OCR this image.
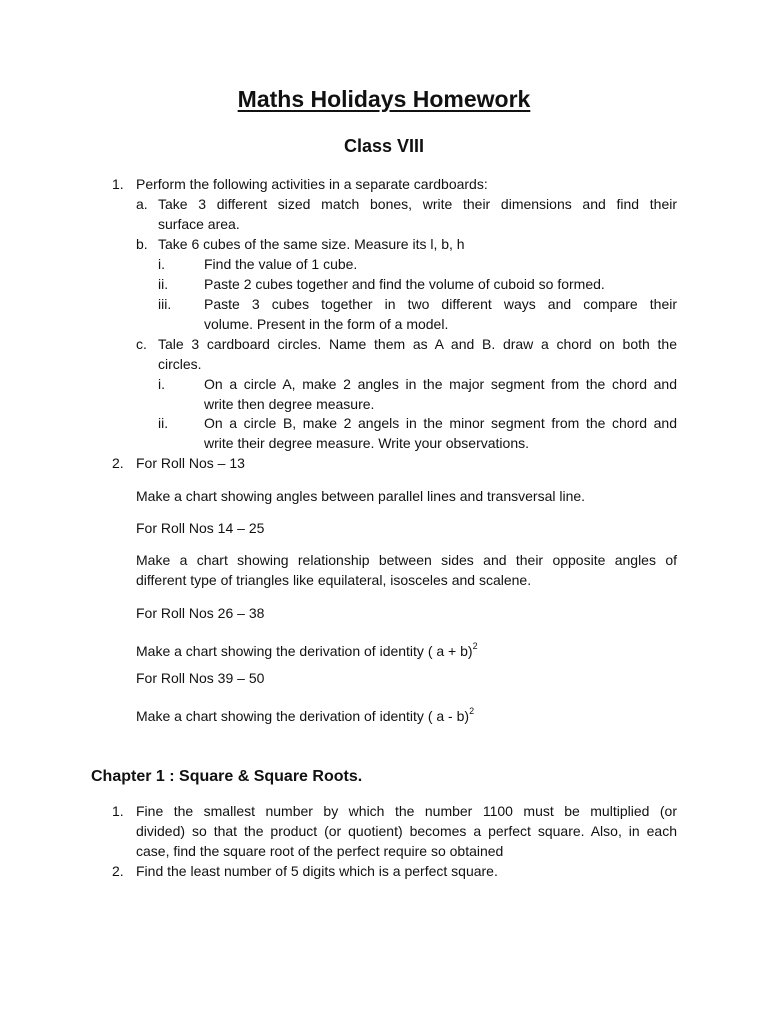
Maths Holidays Homework
Class VIII
1. Perform the following activities in a separate cardboards:
a. Take 3 different sized match bones, write their dimensions and find their
surface area.
b. Take 6 cubes of the same size. Measure its l, b, h
i.	Find the value of 1 cube.
ii.	Paste 2 cubes together and find the volume of cuboid so formed.
iii. Paste 3 cubes together in two different ways and compare their
volume. Present in the form of a model.
c. Tale 3 cardboard circles. Name them as A and B. draw a chord on both the
circles.
i.	On a circle A, make 2 angles in the major segment from the chord and
write then degree measure.
ii.	On a circle B, make 2 angels in the minor segment from the chord and
write their degree measure. Write your observations.
2. For Roll Nos – 13
Make a chart showing angles between parallel lines and transversal line.
For Roll Nos 14 – 25
Make a chart showing relationship between sides and their opposite angles of
different type of triangles like equilateral, isosceles and scalene.
For Roll Nos 26 – 38
Make a chart showing the derivation of identity ( a + b)$^2$
For Roll Nos 39 – 50
Make a chart showing the derivation of identity ( a - b)$^2$
Chapter 1 : Square & Square Roots.
1. Fine the smallest number by which the number 1100 must be multiplied (or
divided) so that the product (or quotient) becomes a perfect square. Also, in each
case, find the square root of the perfect require so obtained
2. Find the least number of 5 digits which is a perfect square.
